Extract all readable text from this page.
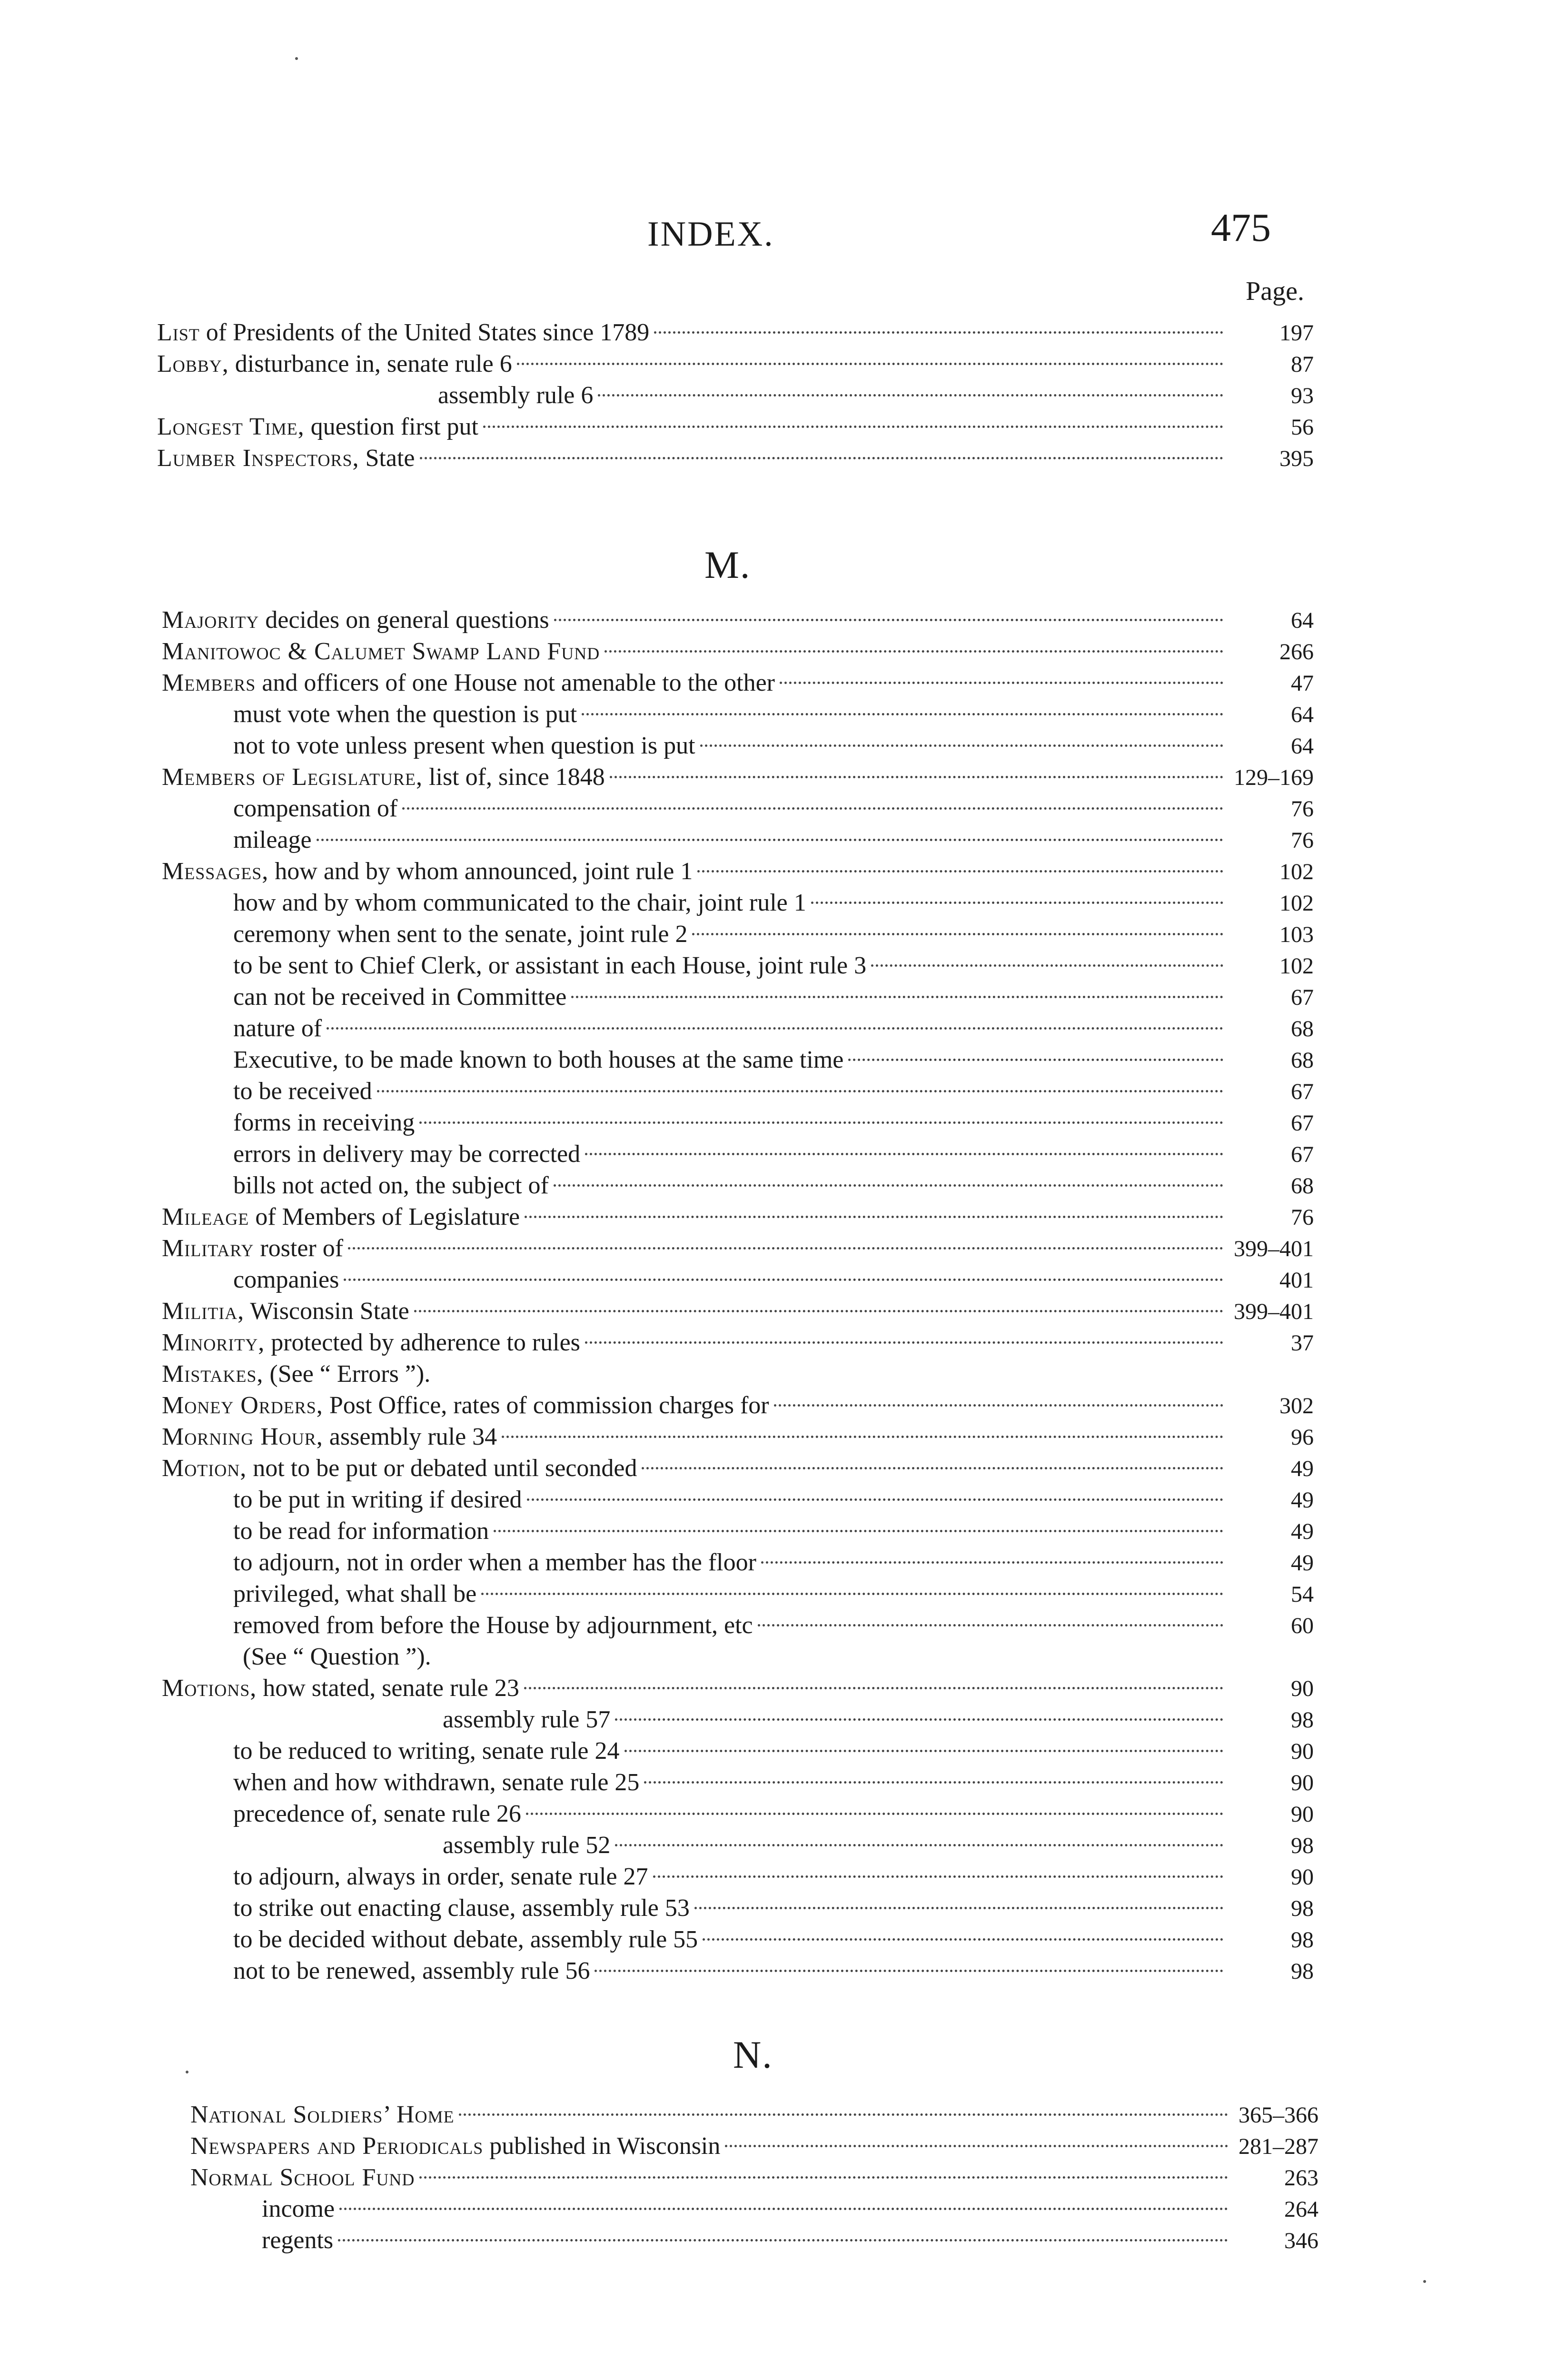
INDEX.	475
Page.
List of Presidents of the United States since 1789	197
Lobby, disturbance in, senate rule 6	87
assembly rule 6	93
Longest Time, question first put	56
Lumber Inspectors, State	395
M.
Majority decides on general questions	64
Manitowoc & Calumet Swamp Land Fund	266
Members and officers of one House not amenable to the other	47
must vote when the question is put	64
not to vote unless present when question is put	64
Members of Legislature, list of, since 1848	129–169
compensation of	76
mileage	76
Messages, how and by whom announced, joint rule 1	102
how and by whom communicated to the chair, joint rule 1	102
ceremony when sent to the senate, joint rule 2	103
to be sent to Chief Clerk, or assistant in each House, joint rule 3	102
can not be received in Committee	67
nature of	68
Executive, to be made known to both houses at the same time	68
to be received	67
forms in receiving	67
errors in delivery may be corrected	67
bills not acted on, the subject of	68
Mileage of Members of Legislature	76
Military roster of	399–401
companies	401
Militia, Wisconsin State	399–401
Minority, protected by adherence to rules	37
Mistakes, (See “ Errors ”).
Money Orders, Post Office, rates of commission charges for	302
Morning Hour, assembly rule 34	96
Motion, not to be put or debated until seconded	49
to be put in writing if desired	49
to be read for information	49
to adjourn, not in order when a member has the floor	49
privileged, what shall be	54
removed from before the House by adjournment, etc	60
(See “ Question ”).
Motions, how stated, senate rule 23	90
assembly rule 57	98
to be reduced to writing, senate rule 24	90
when and how withdrawn, senate rule 25	90
precedence of, senate rule 26	90
assembly rule 52	98
to adjourn, always in order, senate rule 27	90
to strike out enacting clause, assembly rule 53	98
to be decided without debate, assembly rule 55	98
not to be renewed, assembly rule 56	98
N.
National Soldiers’ Home	365–366
Newspapers and Periodicals published in Wisconsin	281–287
Normal School Fund	263
income	264
regents	346
